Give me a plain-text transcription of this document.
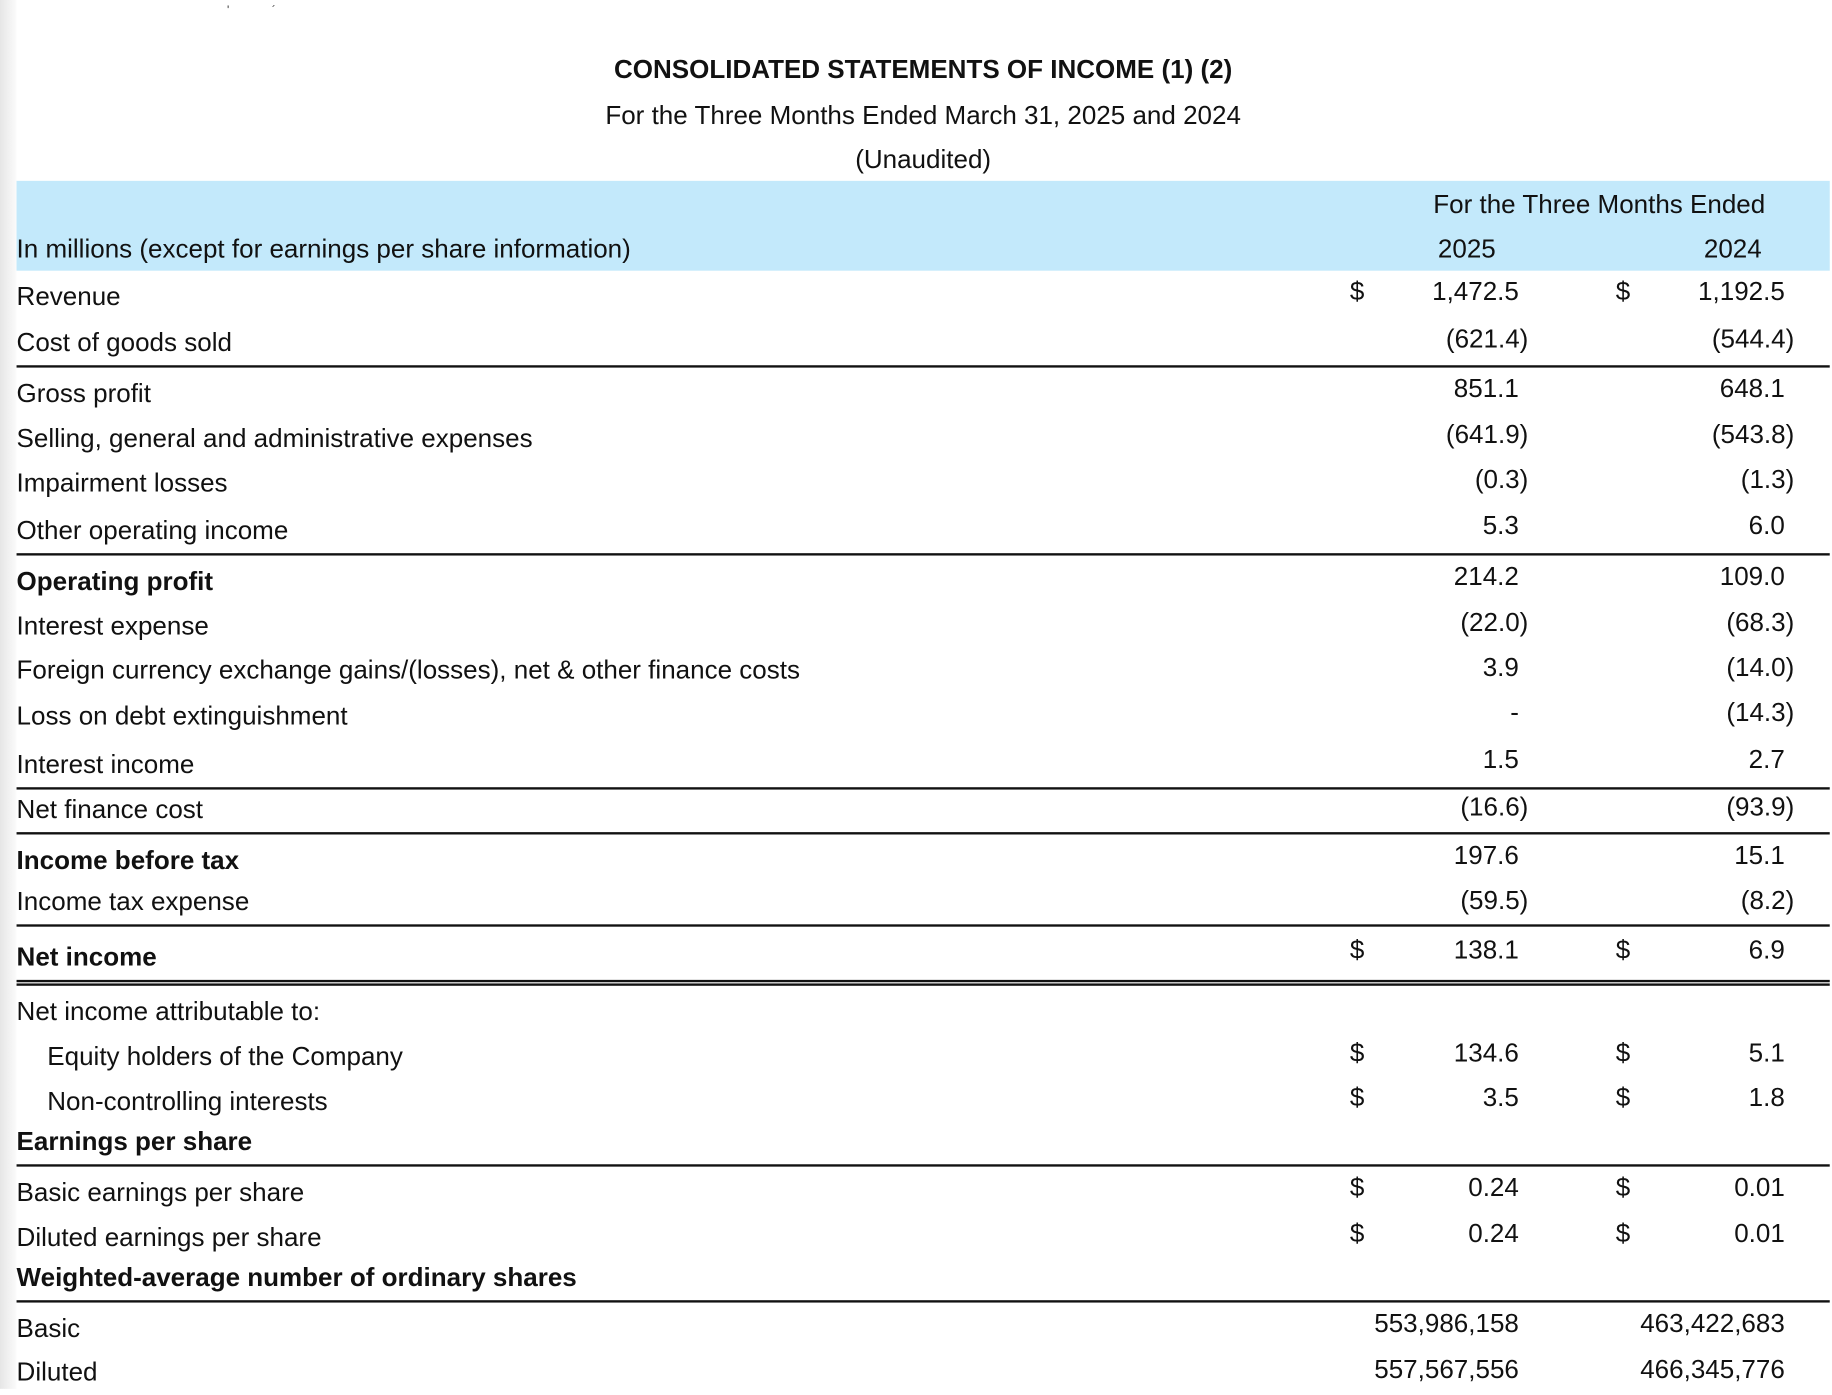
'             ´
CONSOLIDATED STATEMENTS OF INCOME (1) (2)
For the Three Months Ended March 31, 2025 and 2024
(Unaudited)
In millions (except for earnings per share information)
For the Three Months Ended
2025	2024
Revenue	$	1,472.5	$	1,192.5
Cost of goods sold	(621.4)	(544.4)
Gross profit	851.1	648.1
Selling, general and administrative expenses	(641.9)	(543.8)
Impairment losses	(0.3)	(1.3)
Other operating income	5.3	6.0
Operating profit	214.2	109.0
Interest expense	(22.0)	(68.3)
Foreign currency exchange gains/(losses), net & other finance costs	3.9	(14.0)
Loss on debt extinguishment	-	(14.3)
Interest income	1.5	2.7
Net finance cost	(16.6)	(93.9)
Income before tax	197.6	15.1
Income tax expense	(59.5)	(8.2)
Net income	$	138.1	$	6.9
Net income attributable to:
Equity holders of the Company	$	134.6	$	5.1
Non-controlling interests	$	3.5	$	1.8
Earnings per share
Basic earnings per share	$	0.24	$	0.01
Diluted earnings per share	$	0.24	$	0.01
Weighted-average number of ordinary shares
Basic	553,986,158	463,422,683
Diluted	557,567,556	466,345,776
